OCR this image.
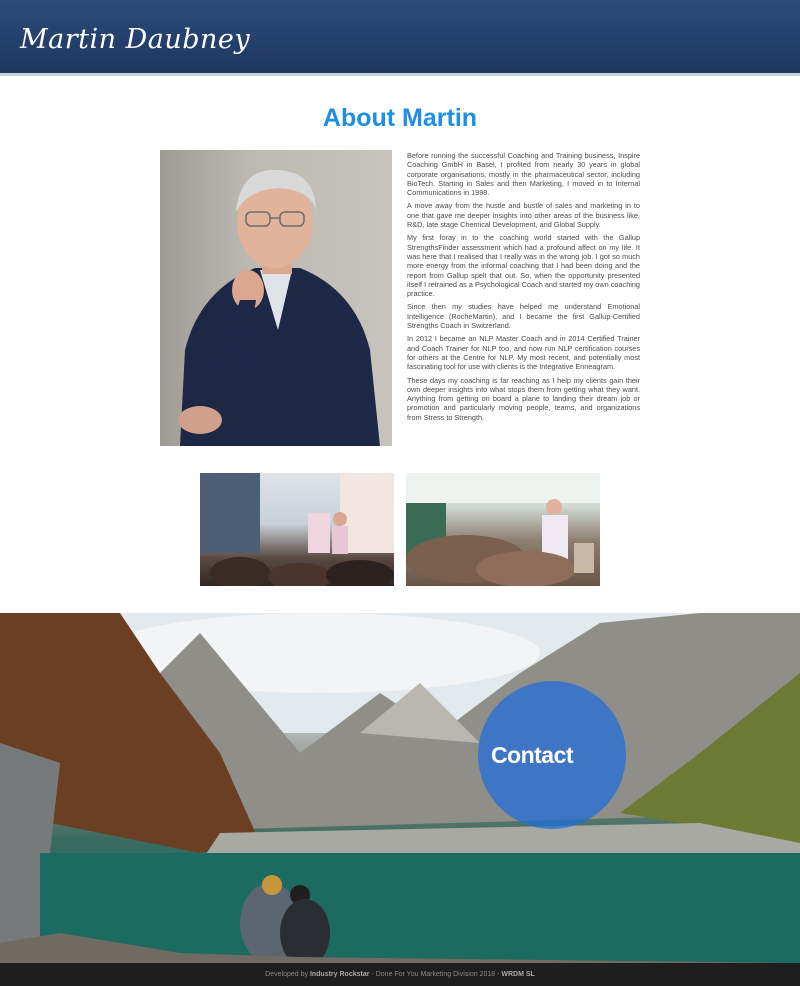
Martin Daubney
About Martin

Before running the successful Coaching and Training business, Inspire Coaching GmbH in Basel, I profited from nearly 30 years in global corporate organisations, mostly in the pharmaceutical sector, including BioTech. Starting in Sales and then Marketing, I moved in to Internal Communications in 1998.

A move away from the hustle and bustle of sales and marketing in to one that gave me deeper insights into other areas of the business like, R&D, late stage Chemical Development, and Global Supply.

My first foray in to the coaching world started with the Gallup StrengthsFinder assessment which had a profound affect on my life. It was here that I realised that I really was in the wrong job. I got so much more energy from the informal coaching that I had been doing and the report from Gallup spelt that out. So, when the opportunity presented itself I retrained as a Psychological Coach and started my own coaching practice.

Since then my studies have helped me understand Emotional Intelligence (RocheMartin), and I became the first Gallup-Certified Strengths Coach in Switzerland.

In 2012 I became an NLP Master Coach and in 2014 Certified Trainer and Coach Trainer for NLP too, and now run NLP certification courses for others at the Centre for NLP. My most recent, and potentially most fascinating tool for use with clients is the Integrative Enneagram.

These days my coaching is far reaching as I help my clients gain their own deeper insights into what stops them from getting what they want. Anything from getting on board a plane to landing their dream job or promotion and particularly moving people, teams, and organizations from Stress to Strength.

Contact
Developed by Industry Rockstar - Done For You Marketing Division 2018 - WRDM SL
